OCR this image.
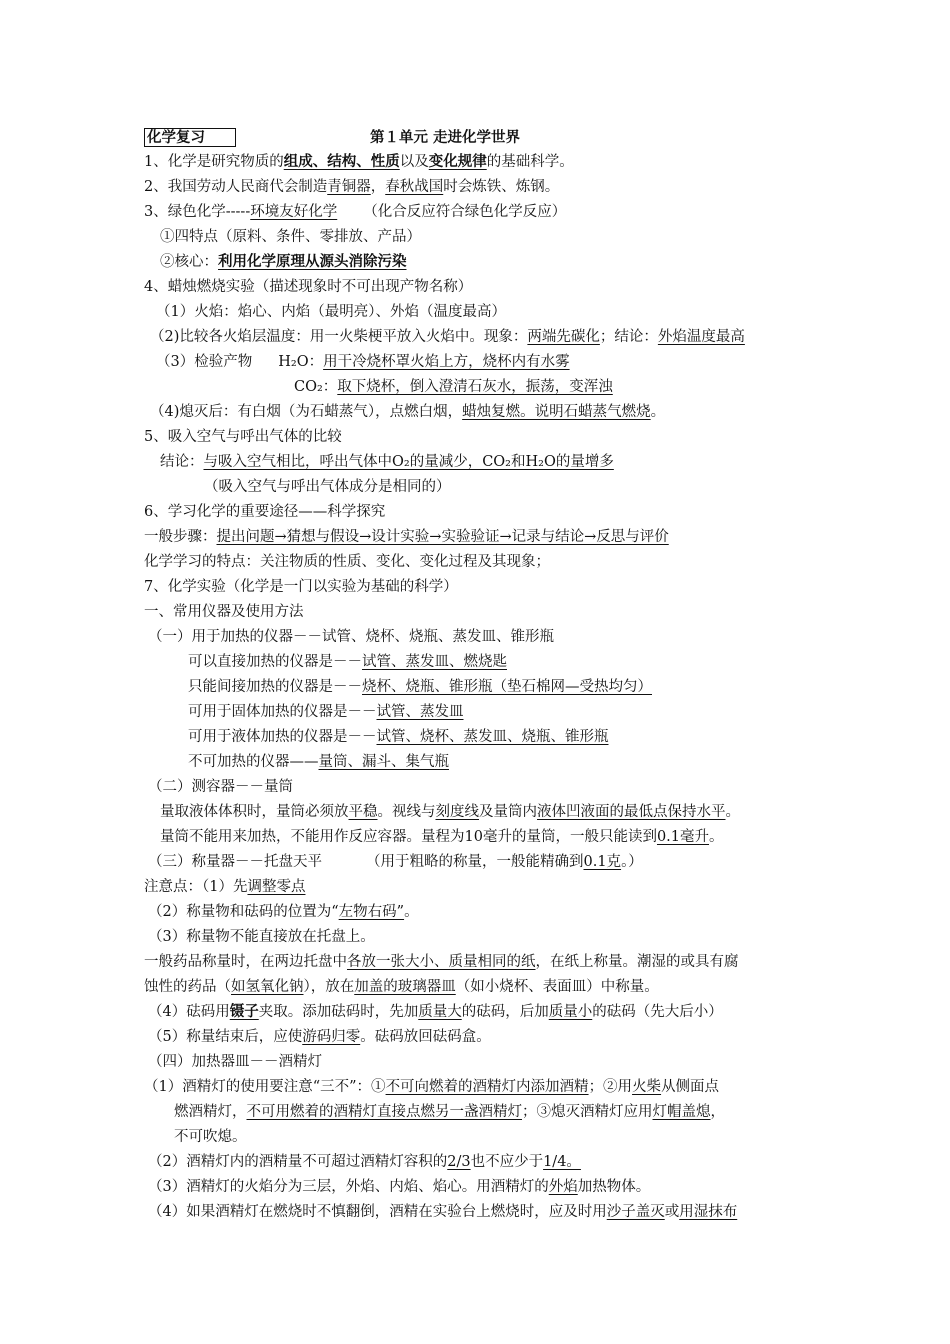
化学复习	第１单元 走进化学世界
1、化学是研究物质的组成、结构、性质以及变化规律的基础科学。
2、我国劳动人民商代会制造青铜器，春秋战国时会炼铁、炼钢。
3、绿色化学-----环境友好化学 （化合反应符合绿色化学反应）
①四特点（原料、条件、零排放、产品）
②核心：利用化学原理从源头消除污染
4、蜡烛燃烧实验（描述现象时不可出现产物名称）
（1）火焰：焰心、内焰（最明亮）、外焰（温度最高）
（2)比较各火焰层温度：用一火柴梗平放入火焰中。现象：两端先碳化；结论：外焰温度最高
（3）检验产物 H₂O：用干冷烧杯罩火焰上方，烧杯内有水雾
CO₂：取下烧杯，倒入澄清石灰水，振荡，变浑浊
（4)熄灭后：有白烟（为石蜡蒸气），点燃白烟，蜡烛复燃。说明石蜡蒸气燃烧。
5、吸入空气与呼出气体的比较
结论：与吸入空气相比，呼出气体中O₂的量减少，CO₂和H₂O的量增多
（吸入空气与呼出气体成分是相同的）
6、学习化学的重要途径——科学探究
一般步骤：提出问题→猜想与假设→设计实验→实验验证→记录与结论→反思与评价
化学学习的特点：关注物质的性质、变化、变化过程及其现象；
7、化学实验（化学是一门以实验为基础的科学）
一、常用仪器及使用方法
（一）用于加热的仪器－－试管、烧杯、烧瓶、蒸发皿、锥形瓶
可以直接加热的仪器是－－试管、蒸发皿、燃烧匙
只能间接加热的仪器是－－烧杯、烧瓶、锥形瓶（垫石棉网—受热均匀）
可用于固体加热的仪器是－－试管、蒸发皿
可用于液体加热的仪器是－－试管、烧杯、蒸发皿、烧瓶、锥形瓶
不可加热的仪器——量筒、漏斗、集气瓶
（二）测容器－－量筒
量取液体体积时，量筒必须放平稳。视线与刻度线及量筒内液体凹液面的最低点保持水平。
量筒不能用来加热，不能用作反应容器。量程为10毫升的量筒，一般只能读到0.1毫升。
（三）称量器－－托盘天平	（用于粗略的称量，一般能精确到0.1克。）
注意点：（1）先调整零点
（2）称量物和砝码的位置为“左物右码”。
（3）称量物不能直接放在托盘上。
一般药品称量时，在两边托盘中各放一张大小、质量相同的纸，在纸上称量。潮湿的或具有腐
蚀性的药品（如氢氧化钠），放在加盖的玻璃器皿（如小烧杯、表面皿）中称量。
（4）砝码用镊子夹取。添加砝码时，先加质量大的砝码，后加质量小的砝码（先大后小）
（5）称量结束后，应使游码归零。砝码放回砝码盒。
（四）加热器皿－－酒精灯
（1）酒精灯的使用要注意“三不”：①不可向燃着的酒精灯内添加酒精；②用火柴从侧面点
燃酒精灯，不可用燃着的酒精灯直接点燃另一盏酒精灯；③熄灭酒精灯应用灯帽盖熄，
不可吹熄。
（2）酒精灯内的酒精量不可超过酒精灯容积的2/3也不应少于1/4。
（3）酒精灯的火焰分为三层，外焰、内焰、焰心。用酒精灯的外焰加热物体。
（4）如果酒精灯在燃烧时不慎翻倒，酒精在实验台上燃烧时，应及时用沙子盖灭或用湿抹布
